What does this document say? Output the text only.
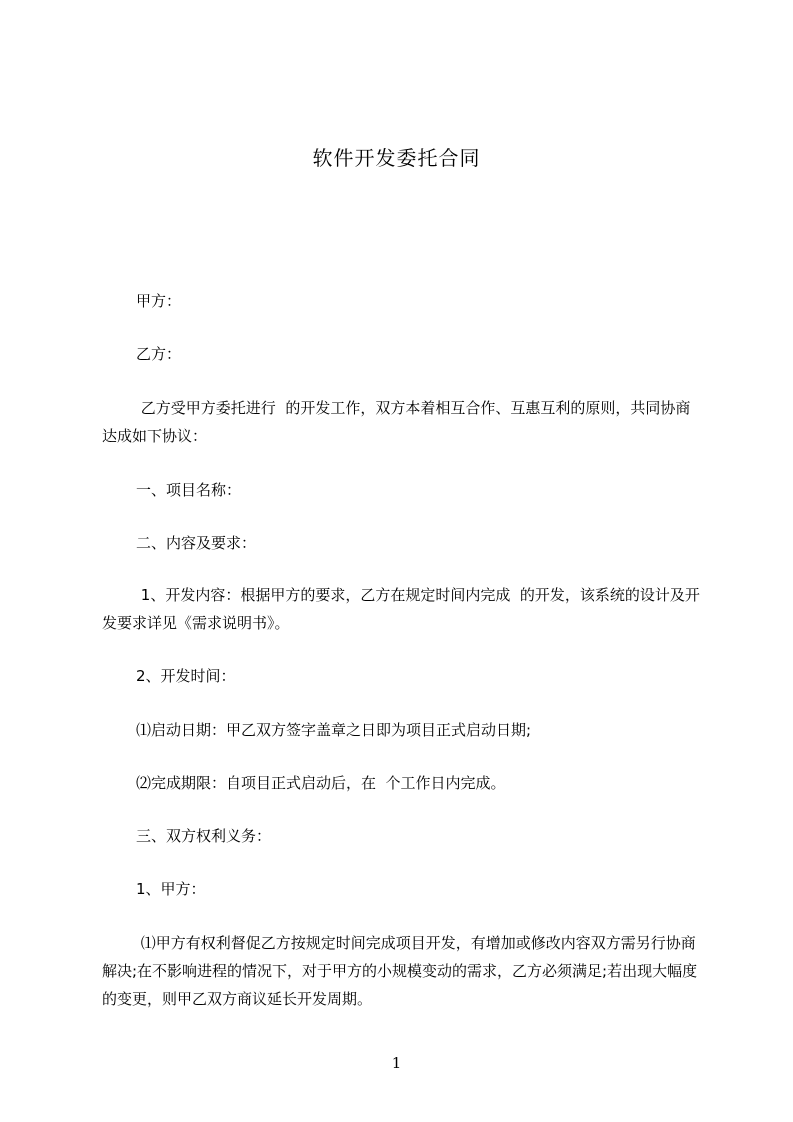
软件开发委托合同

甲方：

乙方：

乙方受甲方委托进行  的开发工作，双方本着相互合作、互惠互利的原则，共同协商达成如下协议：

一、项目名称：

二、内容及要求：

1、开发内容：根据甲方的要求，乙方在规定时间内完成  的开发，该系统的设计及开发要求详见《需求说明书》。

2、开发时间：

⑴启动日期：甲乙双方签字盖章之日即为项目正式启动日期;

⑵完成期限：自项目正式启动后，在  个工作日内完成。

三、双方权利义务：

1、甲方：

⑴甲方有权利督促乙方按规定时间完成项目开发，有增加或修改内容双方需另行协商解决;在不影响进程的情况下，对于甲方的小规模变动的需求，乙方必须满足;若出现大幅度的变更，则甲乙双方商议延长开发周期。

1
